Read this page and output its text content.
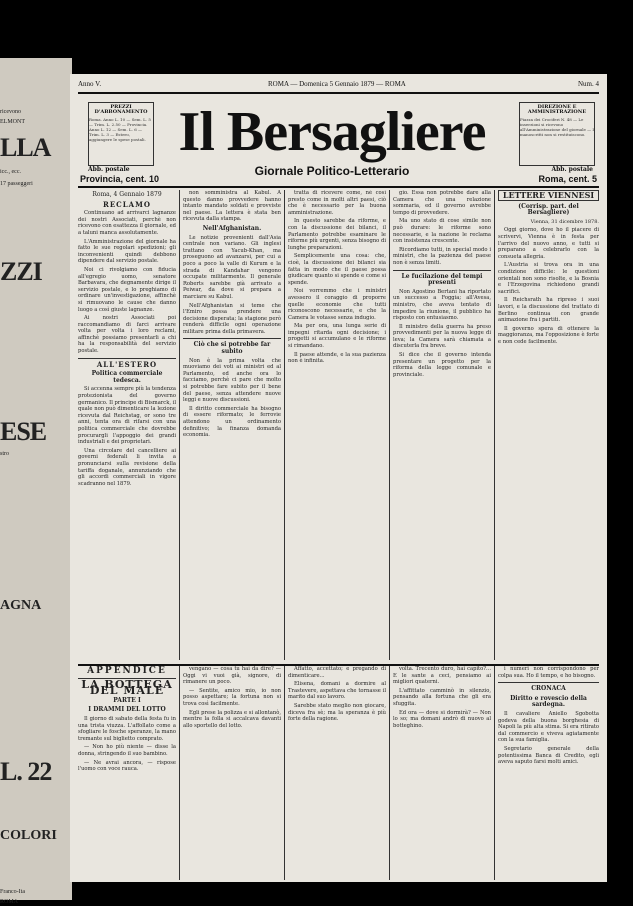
ricevono
ELMONT
LLA
icc., ecc.
17 passeggeri
ZZI
ESE
stro
AGNA
L. 22
COLORI
Franco-Ita
ROMA
Anno V.	ROMA — Domenica 5 Gennaio 1879 — ROMA	Num. 4
PREZZI D'ABBONAMENTO
Roma. Anno L. 10 — Sem. L. 5 — Trim. L. 2.50 — Provincia. Anno L. 12 — Sem. L. 6 — Trim. L. 3 — Estero, aggiungere le spese postali. Il Bersagliere
Giornale Politico-Letterario
DIREZIONE E AMMINISTRAZIONE
Piazza dei Crociferi N. 48 — Le inserzioni si ricevono all'Amministrazione del giornale — I manoscritti non si restituiscono.
Abb. postale	Abb. postale
Provincia, cent. 10	Roma, cent. 5
Roma, 4 Gennaio 1879
RECLAMO

Continuano ad arrivarci lagnanze dei nostri Associati, perchè non ricevono con esattezza il giornale, ed a taluni manca assolutamente.

L'Amministrazione del giornale ha fatto le sue regolari spedizioni; gli inconvenienti quindi debbono dipendere dal servizio postale.

Noi ci rivolgiamo con fiducia all'egregio uomo, senatore Barbavara, che degnamente dirige il servizio postale, e lo preghiamo di ordinare un'investigazione, affinchè si rimuovano le cause che danno luogo a così giuste lagnanze.

Ai nostri Associati poi raccomandiamo di farci arrivare volta per volta i loro reclami, affinchè possiamo presentarli a chi ha la responsabilità del servizio postale.

ALL'ESTERO
Politica commerciale tedesca.

Si accenna sempre più la tendenza protezionista del governo germanico. Il principe di Bismarck, il quale non può dimenticare la lezione ricevuta dal Reichstag, or sono tre anni, tenta ora di rifarsi con una politica commerciale che dovrebbe procurargli l'appoggio dei grandi industriali e dei proprietari.

Una circolare del cancelliere ai governi federali li invita a pronunciarsi sulla revisione della tariffa doganale, annunziando che gli accordi commerciali in vigore scadranno nel 1879.

non somministra al Kabul. A questo danno provvedere hanno intanto mandato soldati e provviste nel paese. La lettera è stata ben ricevuta dalla stampa.

Nell'Afghanistan.

Le notizie provenienti dall'Asia centrale non variano. Gli inglesi trattano con Yacub-Khan, ma proseguono ad avanzarsi, per cui a poco a poco la valle di Kurum e la strada di Kandahar vengono occupate militarmente. Il generale Roberts sarebbe già arrivato a Peiwar, da dove si prepara a marciare su Kabul.

Nell'Afghanistan si teme che l'Emiro possa prendere una decisione disperata; la stagione però renderà difficile ogni operazione militare prima della primavera.

Ciò che si potrebbe far subito

Non è la prima volta che muoviamo dei voti ai ministri ed al Parlamento, ed anche ora lo facciamo, perchè ci pare che molto si potrebbe fare subito per il bene del paese, senza attendere nuove leggi e nuove discussioni.

Il diritto commerciale ha bisogno di essere riformato; le ferrovie attendono un ordinamento definitivo; la finanza domanda economia.

tratta di ricevere come, nè così presto come in molti altri paesi, ciò che è necessario per la buona amministrazione.

In questo sarebbe da riforme, e con la discussione dei bilanci, il Parlamento potrebbe esaminare le riforme più urgenti, senza bisogno di lunghe preparazioni.

Semplicemente una cosa: che, cioè, la discussione dei bilanci sia fatta in modo che il paese possa giudicare quanto si spende e come si spende.

Noi vorremmo che i ministri avessero il coraggio di proporre quelle economie che tutti riconoscono necessarie, e che la Camera le votasse senza indugio.

Ma per ora, una lunga serie di impegni ritarda ogni decisione; i progetti si accumulano e le riforme si rimandano.

Il paese attende, e la sua pazienza non è infinita.

gio. Essa non potrebbe dare alla Camera che una relazione sommaria, ed il governo avrebbe tempo di provvedere.

Ma uno stato di cose simile non può durare: le riforme sono necessarie, e la nazione le reclama con insistenza crescente.

Ricordiamo tutti, in special modo i ministri, che la pazienza del paese non è senza limiti.

Le fucilazione del tempi presenti

Non Agostino Bertani ha riportato un successo a Foggia; all'Avesa, ministro, che aveva tentato di impedire la riunione, il pubblico ha risposto con entusiasmo.

Il ministro della guerra ha preso provvedimenti per la nuova legge di leva; la Camera sarà chiamata a discuterla fra breve.

Si dice che il governo intenda presentare un progetto per la riforma della legge comunale e provinciale.

LETTERE VIENNESI
(Corrisp. part. del Bersagliere)
Vienna, 31 dicembre 1878.

Oggi giorno, dove ho il piacere di scrivervi, Vienna è in festa per l'arrivo del nuovo anno, e tutti si preparano a celebrarlo con la consueta allegria.

L'Austria si trova ora in una condizione difficile: le questioni orientali non sono risolte, e la Bosnia e l'Erzegovina richiedono grandi sacrifici.

Il Reichsrath ha ripreso i suoi lavori, e la discussione del trattato di Berlino continua con grande animazione fra i partiti.

Il governo spera di ottenere la maggioranza, ma l'opposizione è forte e non cede facilmente.

APPENDICE
LA BOTTEGA DEL MALE
PARTE I
I DRAMMI DEL LOTTO

Il giorno di sabato della festa fu in una trista viuzza. L'affollato come a sfogliare le fosche speranze, la mano tremante sul biglietto comprato.

— Non ho più niente — disse la donna, stringendo il suo bambino.

— Ne avrai ancora, — rispose l'uomo con voce rauca.

vengano — cosa tu hai da dire? — Oggi vi vuoi già, signore, di rimanere un poco.

— Sentite, amico mio, io non posso aspettare; la fortuna non si trova così facilmente.

Egli prese la polizza e si allontanò, mentre la folla si accalcava davanti allo sportello del lotto.

Affatto, accettato; e pregando di dimenticare...

Elisena, domani a dormire al Trastevere, aspettava che tornasse il marito dal suo lavoro.

Sarebbe stato meglio non giocare, diceva fra sè; ma la speranza è più forte della ragione.

volta. Trecento duro, hai capito?... E le sante a ceci, pensiamo ai migliori quaterni.

L'affittato camminò in silenzio, pensando alla fortuna che gli era sfuggita.

Ed ora — dove si dormirà? — Non lo so; ma domani andrò di nuovo al botteghino.

i numeri non corrispondono per colpa sua. Ho il tempo, e ho bisogno.

CRONACA
Diritto e rovescio della sardegna.

Il cavaliere Aniello Sgobotta godeva della buona borghesia di Napoli la più alta stima. Si era ritirato dal commercio e viveva agiatamente con la sua famiglia.

Segretario generale della potentissima Banca di Credito, egli aveva saputo farsi molti amici.
